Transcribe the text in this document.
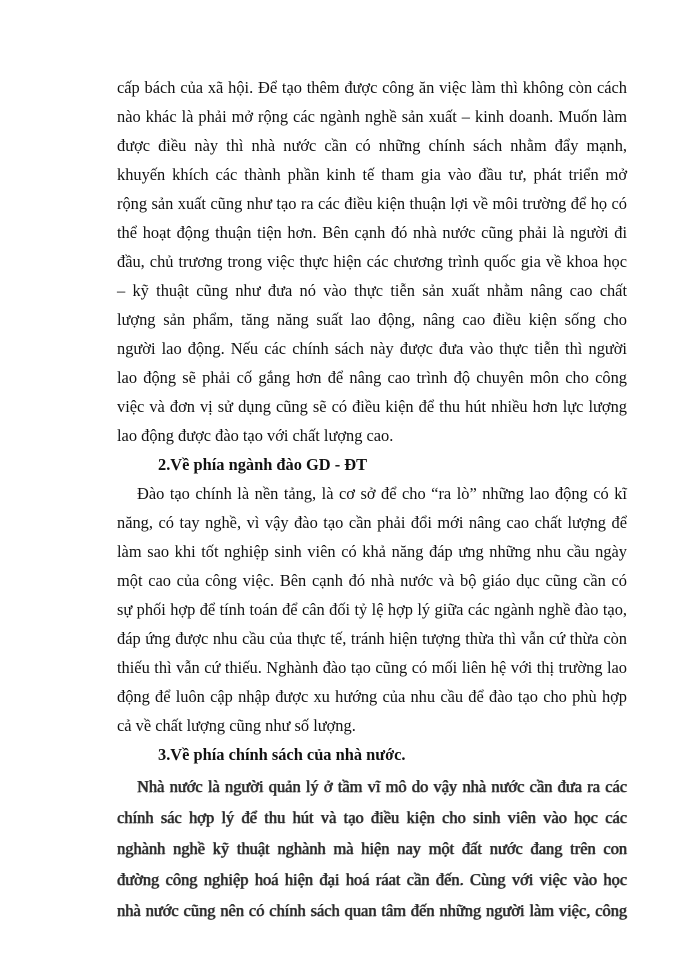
cấp bách của xã hội. Để tạo thêm được công ăn việc làm thì không còn cách
nào khác là phải mở rộng các ngành nghề sản xuất – kinh doanh. Muốn làm
được điều này thì nhà nước cần có những chính sách nhằm đẩy mạnh,
khuyến khích các thành phần kinh tế tham gia vào đầu tư, phát triển mở
rộng sản xuất cũng như tạo ra các điều kiện thuận lợi về môi trường để họ có
thể hoạt động thuận tiện hơn. Bên cạnh đó nhà nước cũng phải là người đi
đầu, chủ trương trong việc thực hiện các chương trình quốc gia về khoa học
– kỹ thuật cũng như đưa nó vào thực tiễn sản xuất nhằm nâng cao chất
lượng sản phẩm, tăng năng suất lao động, nâng cao điều kiện sống cho
người lao động. Nếu các chính sách này được đưa vào thực tiễn thì người
lao động sẽ phải cố gắng hơn để nâng cao trình độ chuyên môn cho công
việc và đơn vị sử dụng cũng sẽ có điều kiện để thu hút nhiều hơn lực lượng
lao động được đào tạo với chất lượng cao.
2.Về phía ngành đào GD - ĐT
Đào tạo chính là nền tảng, là cơ sở để cho “ra lò” những lao động có kĩ
năng, có tay nghề, vì vậy đào tạo cần phải đổi mới nâng cao chất lượng để
làm sao khi tốt nghiệp sinh viên có khả năng đáp ưng những nhu cầu ngày
một cao của công việc. Bên cạnh đó nhà nước và bộ giáo dục cũng cần có
sự phối hợp để tính toán để cân đối tỷ lệ hợp lý giữa các ngành nghề đào tạo,
đáp ứng được nhu cầu của thực tế, tránh hiện tượng thừa thì vẫn cứ thừa còn
thiếu thì vẫn cứ thiếu. Nghành đào tạo cũng có mối liên hệ với thị trường lao
động để luôn cập nhập được xu hướng của nhu cầu để đào tạo cho phù hợp
cả về chất lượng cũng như số lượng.
3.Về phía chính sách của nhà nước.
Nhà nước là người quản lý ở tầm vĩ mô do vậy nhà nước cần đưa ra các
chính sác hợp lý để thu hút và tạo điều kiện cho sinh viên vào học các
nghành nghề kỹ thuật nghành mà hiện nay một đất nước đang trên con
đường công nghiệp hoá hiện đại hoá ráat cần đến. Cùng với việc vào học
nhà nước cũng nên có chính sách quan tâm đến những người làm việc, công
